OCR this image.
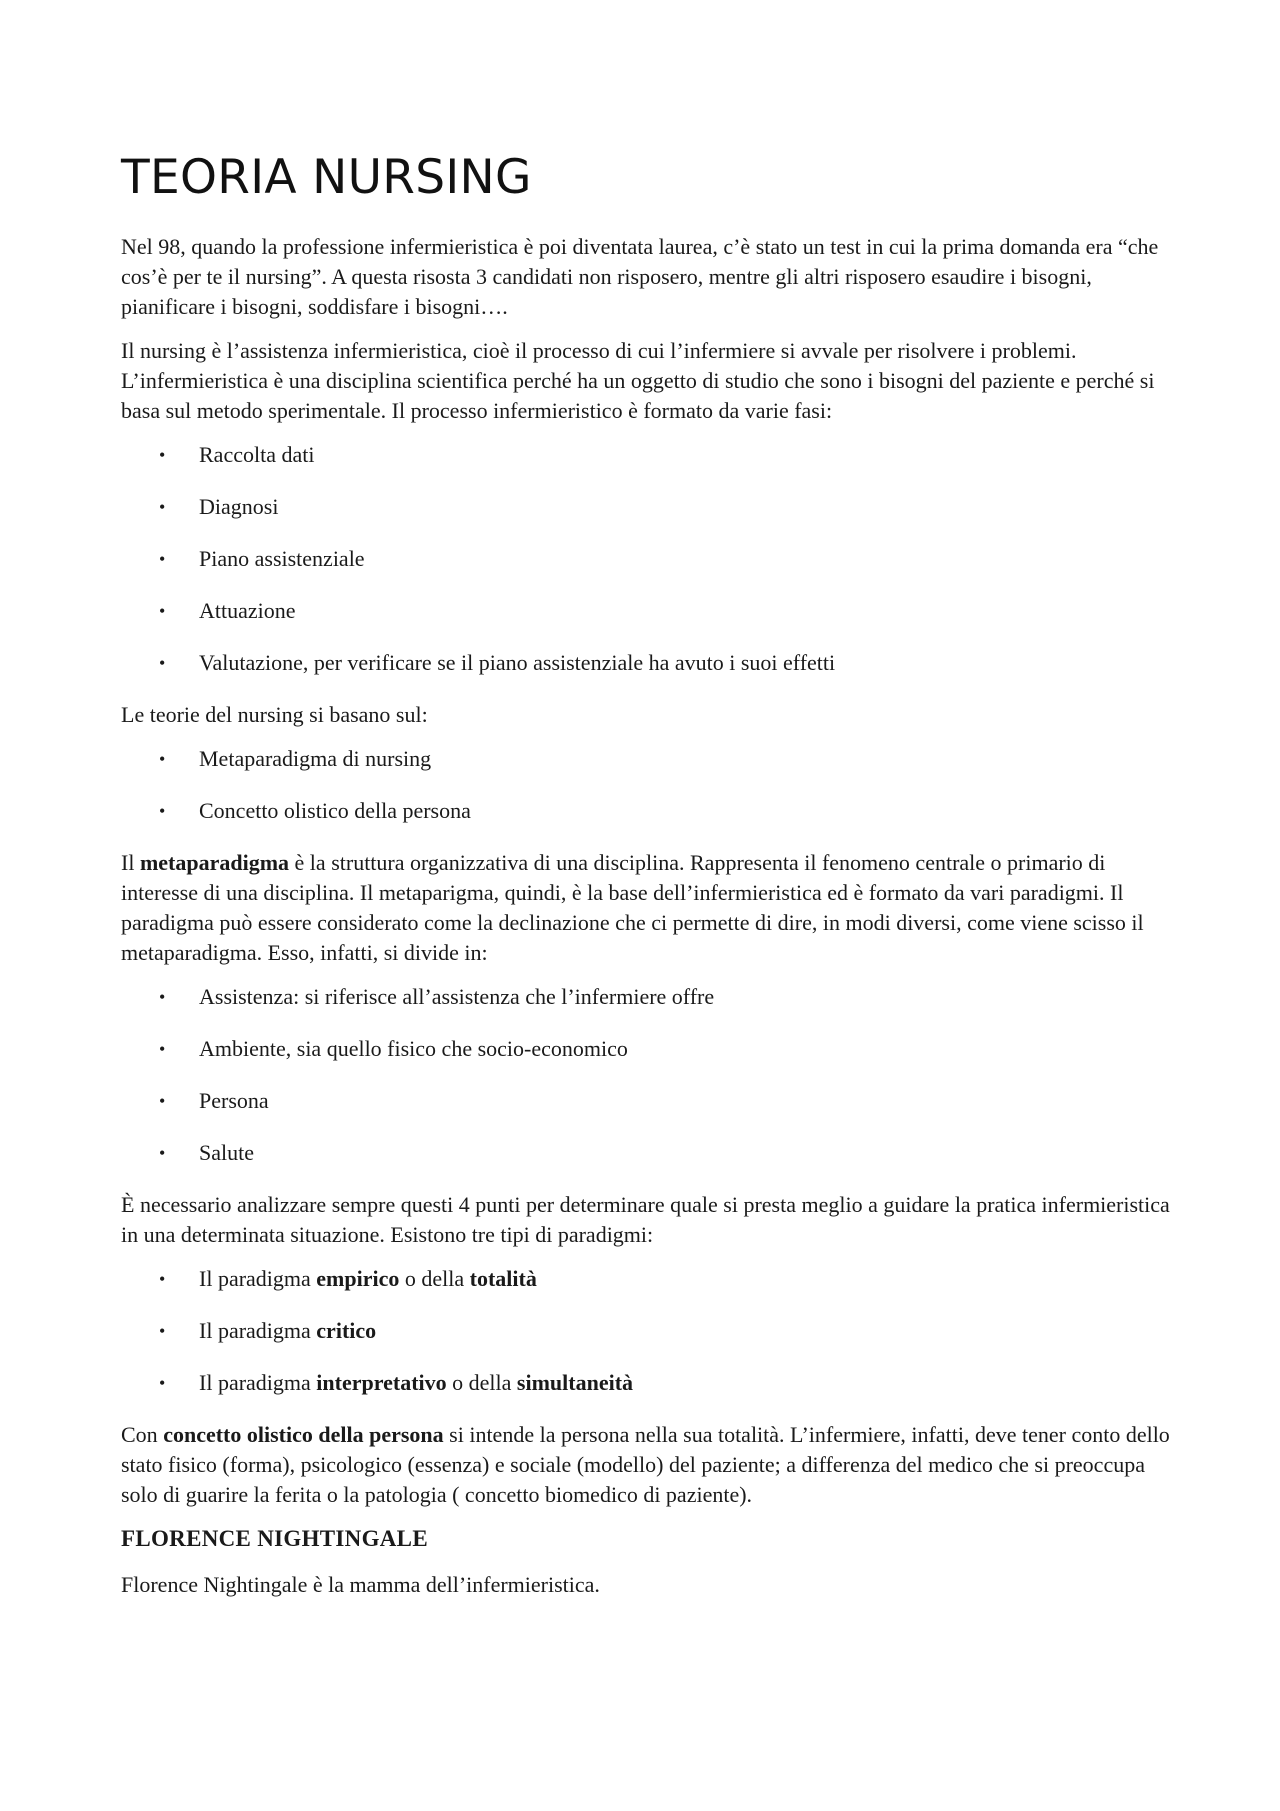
TEORIA NURSING

Nel 98, quando la professione infermieristica è poi diventata laurea, c’è stato un test in cui la prima domanda era “che cos’è per te il nursing”. A questa risosta 3 candidati non risposero, mentre gli altri risposero esaudire i bisogni, pianificare i bisogni, soddisfare i bisogni….

Il nursing è l’assistenza infermieristica, cioè il processo di cui l’infermiere si avvale per risolvere i problemi. L’infermieristica è una disciplina scientifica perché ha un oggetto di studio che sono i bisogni del paziente e perché si basa sul metodo sperimentale. Il processo infermieristico è formato da varie fasi:

• Raccolta dati
• Diagnosi
• Piano assistenziale
• Attuazione
• Valutazione, per verificare se il piano assistenziale ha avuto i suoi effetti

Le teorie del nursing si basano sul:

• Metaparadigma di nursing
• Concetto olistico della persona

Il metaparadigma è la struttura organizzativa di una disciplina. Rappresenta il fenomeno centrale o primario di interesse di una disciplina. Il metaparigma, quindi, è la base dell’infermieristica ed è formato da vari paradigmi. Il paradigma può essere considerato come la declinazione che ci permette di dire, in modi diversi, come viene scisso il metaparadigma. Esso, infatti, si divide in:

• Assistenza: si riferisce all’assistenza che l’infermiere offre
• Ambiente, sia quello fisico che socio-economico
• Persona
• Salute

È necessario analizzare sempre questi 4 punti per determinare quale si presta meglio a guidare la pratica infermieristica in una determinata situazione. Esistono tre tipi di paradigmi:

• Il paradigma empirico o della totalità
• Il paradigma critico
• Il paradigma interpretativo o della simultaneità

Con concetto olistico della persona si intende la persona nella sua totalità. L’infermiere, infatti, deve tener conto dello stato fisico (forma), psicologico (essenza) e sociale (modello) del paziente; a differenza del medico che si preoccupa solo di guarire la ferita o la patologia ( concetto biomedico di paziente).

FLORENCE NIGHTINGALE

Florence Nightingale è la mamma dell’infermieristica.
